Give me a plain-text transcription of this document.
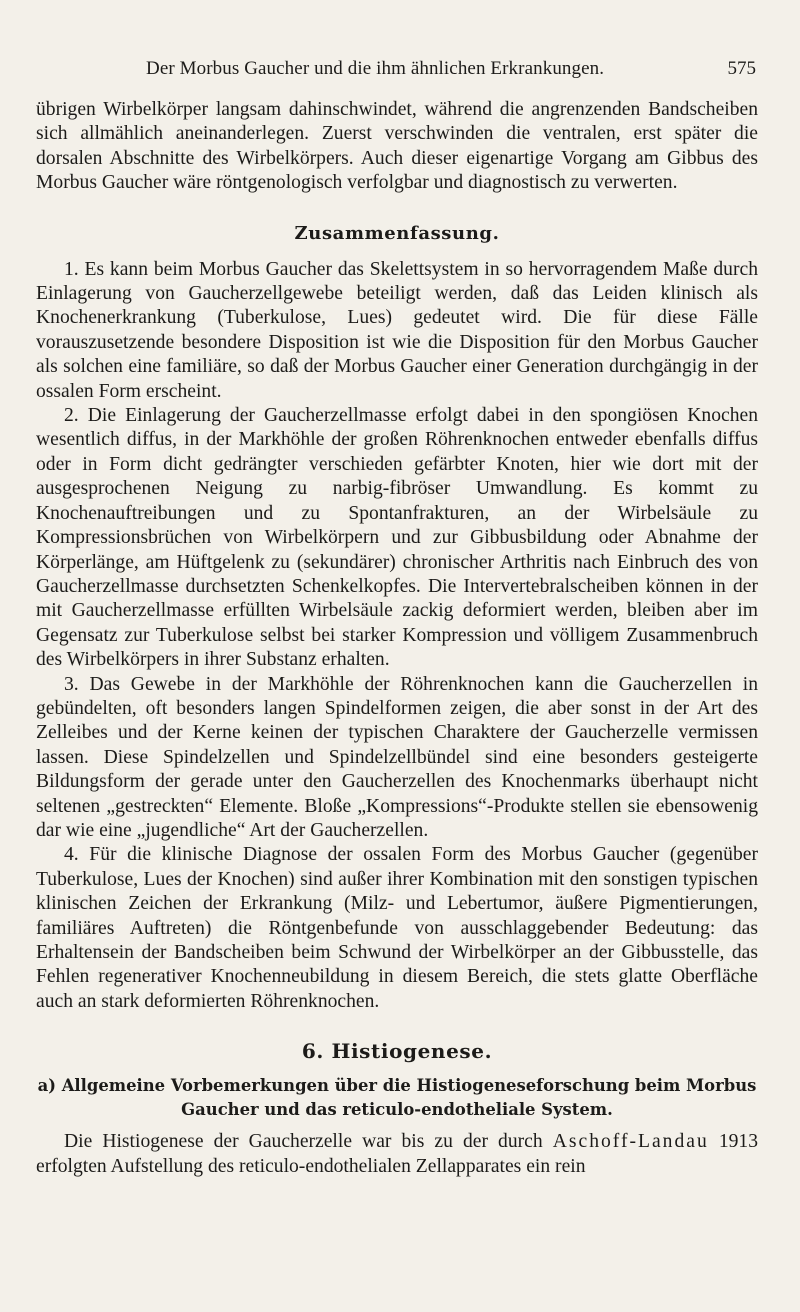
Der Morbus Gaucher und die ihm ähnlichen Erkrankungen.	575

übrigen Wirbelkörper langsam dahinschwindet, während die angrenzenden Bandscheiben sich allmählich aneinanderlegen. Zuerst verschwinden die ventralen, erst später die dorsalen Abschnitte des Wirbelkörpers. Auch dieser eigenartige Vorgang am Gibbus des Morbus Gaucher wäre röntgenologisch verfolgbar und diagnostisch zu verwerten.

Zusammenfassung.

1. Es kann beim Morbus Gaucher das Skelettsystem in so hervorragendem Maße durch Einlagerung von Gaucherzellgewebe beteiligt werden, daß das Leiden klinisch als Knochenerkrankung (Tuberkulose, Lues) gedeutet wird. Die für diese Fälle vorauszusetzende besondere Disposition ist wie die Disposition für den Morbus Gaucher als solchen eine familiäre, so daß der Morbus Gaucher einer Generation durchgängig in der ossalen Form erscheint.

2. Die Einlagerung der Gaucherzellmasse erfolgt dabei in den spongiösen Knochen wesentlich diffus, in der Markhöhle der großen Röhrenknochen entweder ebenfalls diffus oder in Form dicht gedrängter verschieden gefärbter Knoten, hier wie dort mit der ausgesprochenen Neigung zu narbig-fibröser Umwandlung. Es kommt zu Knochenauftreibungen und zu Spontanfrakturen, an der Wirbelsäule zu Kompressionsbrüchen von Wirbelkörpern und zur Gibbusbildung oder Abnahme der Körperlänge, am Hüftgelenk zu (sekundärer) chronischer Arthritis nach Einbruch des von Gaucherzellmasse durchsetzten Schenkelkopfes. Die Intervertebralscheiben können in der mit Gaucherzellmasse erfüllten Wirbelsäule zackig deformiert werden, bleiben aber im Gegensatz zur Tuberkulose selbst bei starker Kompression und völligem Zusammenbruch des Wirbelkörpers in ihrer Substanz erhalten.

3. Das Gewebe in der Markhöhle der Röhrenknochen kann die Gaucherzellen in gebündelten, oft besonders langen Spindelformen zeigen, die aber sonst in der Art des Zelleibes und der Kerne keinen der typischen Charaktere der Gaucherzelle vermissen lassen. Diese Spindelzellen und Spindelzellbündel sind eine besonders gesteigerte Bildungsform der gerade unter den Gaucherzellen des Knochenmarks überhaupt nicht seltenen „gestreckten“ Elemente. Bloße „Kompressions“-Produkte stellen sie ebensowenig dar wie eine „jugendliche“ Art der Gaucherzellen.

4. Für die klinische Diagnose der ossalen Form des Morbus Gaucher (gegenüber Tuberkulose, Lues der Knochen) sind außer ihrer Kombination mit den sonstigen typischen klinischen Zeichen der Erkrankung (Milz- und Lebertumor, äußere Pigmentierungen, familiäres Auftreten) die Röntgenbefunde von ausschlaggebender Bedeutung: das Erhaltensein der Bandscheiben beim Schwund der Wirbelkörper an der Gibbusstelle, das Fehlen regenerativer Knochenneubildung in diesem Bereich, die stets glatte Oberfläche auch an stark deformierten Röhrenknochen.

6. Histiogenese.
a) Allgemeine Vorbemerkungen über die Histiogeneseforschung beim Morbus Gaucher und das reticulo-endotheliale System.

Die Histiogenese der Gaucherzelle war bis zu der durch Aschoff-Landau 1913 erfolgten Aufstellung des reticulo-endothelialen Zellapparates ein rein
